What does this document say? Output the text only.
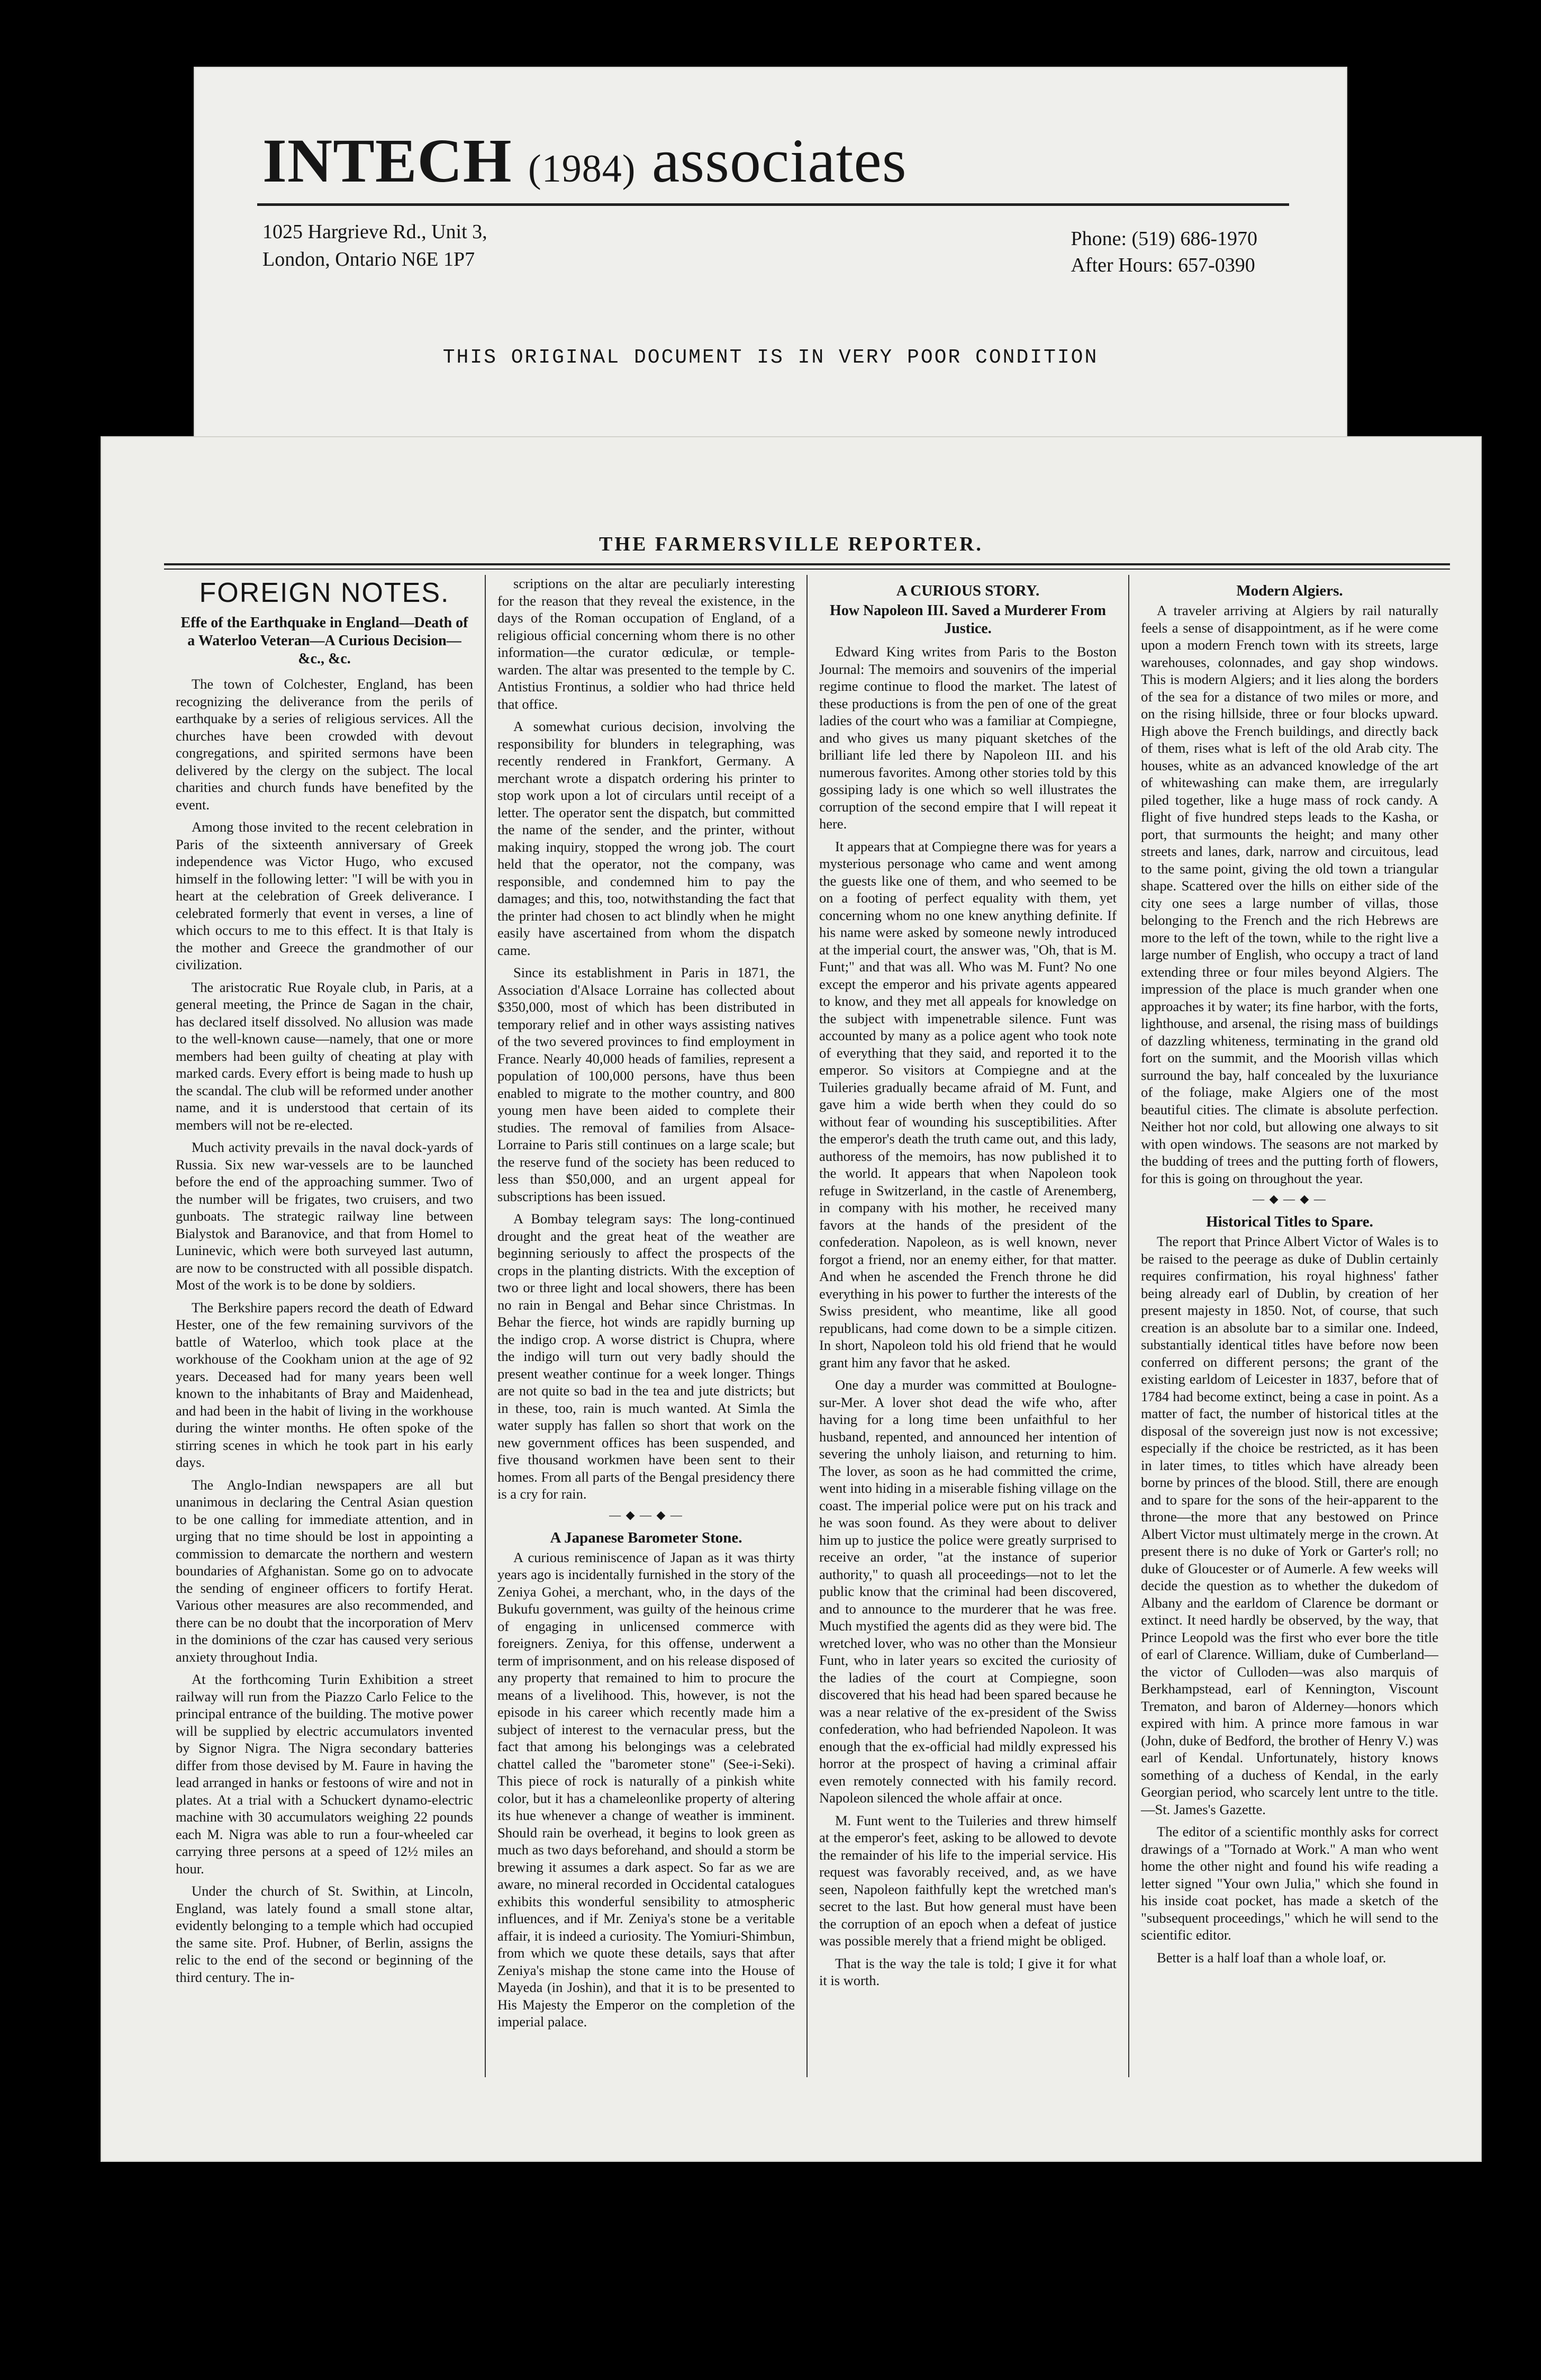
INTECH (1984) associates
1025 Hargrieve Rd., Unit 3,
London, Ontario N6E 1P7
Phone: (519) 686-1970
After Hours: 657-0390
THIS ORIGINAL DOCUMENT IS IN VERY POOR CONDITION
THE FARMERSVILLE REPORTER.
FOREIGN NOTES.
Effe of the Earthquake in England—Death of a Waterloo Veteran—A Curious Decision—&c., &c.

The town of Colchester, England, has been recognizing the deliverance from the perils of earthquake by a series of religious services. All the churches have been crowded with devout congregations, and spirited sermons have been delivered by the clergy on the subject. The local charities and church funds have benefited by the event.

Among those invited to the recent celebration in Paris of the sixteenth anniversary of Greek independence was Victor Hugo, who excused himself in the following letter: "I will be with you in heart at the celebration of Greek deliverance. I celebrated formerly that event in verses, a line of which occurs to me to this effect. It is that Italy is the mother and Greece the grandmother of our civilization.

The aristocratic Rue Royale club, in Paris, at a general meeting, the Prince de Sagan in the chair, has declared itself dissolved. No allusion was made to the well-known cause—namely, that one or more members had been guilty of cheating at play with marked cards. Every effort is being made to hush up the scandal. The club will be reformed under another name, and it is understood that certain of its members will not be re-elected.

Much activity prevails in the naval dock-yards of Russia. Six new war-vessels are to be launched before the end of the approaching summer. Two of the number will be frigates, two cruisers, and two gunboats. The strategic railway line between Bialystok and Baranovice, and that from Homel to Luninevic, which were both surveyed last autumn, are now to be constructed with all possible dispatch. Most of the work is to be done by soldiers.

The Berkshire papers record the death of Edward Hester, one of the few remaining survivors of the battle of Waterloo, which took place at the workhouse of the Cookham union at the age of 92 years. Deceased had for many years been well known to the inhabitants of Bray and Maidenhead, and had been in the habit of living in the workhouse during the winter months. He often spoke of the stirring scenes in which he took part in his early days.

The Anglo-Indian newspapers are all but unanimous in declaring the Central Asian question to be one calling for immediate attention, and in urging that no time should be lost in appointing a commission to demarcate the northern and western boundaries of Afghanistan. Some go on to advocate the sending of engineer officers to fortify Herat. Various other measures are also recommended, and there can be no doubt that the incorporation of Merv in the dominions of the czar has caused very serious anxiety throughout India.

At the forthcoming Turin Exhibition a street railway will run from the Piazzo Carlo Felice to the principal entrance of the building. The motive power will be supplied by electric accumulators invented by Signor Nigra. The Nigra secondary batteries differ from those devised by M. Faure in having the lead arranged in hanks or festoons of wire and not in plates. At a trial with a Schuckert dynamo-electric machine with 30 accumulators weighing 22 pounds each M. Nigra was able to run a four-wheeled car carrying three persons at a speed of 12½ miles an hour.

Under the church of St. Swithin, at Lincoln, England, was lately found a small stone altar, evidently belonging to a temple which had occupied the same site. Prof. Hubner, of Berlin, assigns the relic to the end of the second or beginning of the third century. The in-

scriptions on the altar are peculiarly interesting for the reason that they reveal the existence, in the days of the Roman occupation of England, of a religious official concerning whom there is no other information—the curator œdiculæ, or temple-warden. The altar was presented to the temple by C. Antistius Frontinus, a soldier who had thrice held that office.

A somewhat curious decision, involving the responsibility for blunders in telegraphing, was recently rendered in Frankfort, Germany. A merchant wrote a dispatch ordering his printer to stop work upon a lot of circulars until receipt of a letter. The operator sent the dispatch, but committed the name of the sender, and the printer, without making inquiry, stopped the wrong job. The court held that the operator, not the company, was responsible, and condemned him to pay the damages; and this, too, notwithstanding the fact that the printer had chosen to act blindly when he might easily have ascertained from whom the dispatch came.

Since its establishment in Paris in 1871, the Association d'Alsace Lorraine has collected about $350,000, most of which has been distributed in temporary relief and in other ways assisting natives of the two severed provinces to find employment in France. Nearly 40,000 heads of families, represent a population of 100,000 persons, have thus been enabled to migrate to the mother country, and 800 young men have been aided to complete their studies. The removal of families from Alsace-Lorraine to Paris still continues on a large scale; but the reserve fund of the society has been reduced to less than $50,000, and an urgent appeal for subscriptions has been issued.

A Bombay telegram says: The long-continued drought and the great heat of the weather are beginning seriously to affect the prospects of the crops in the planting districts. With the exception of two or three light and local showers, there has been no rain in Bengal and Behar since Christmas. In Behar the fierce, hot winds are rapidly burning up the indigo crop. A worse district is Chupra, where the indigo will turn out very badly should the present weather continue for a week longer. Things are not quite so bad in the tea and jute districts; but in these, too, rain is much wanted. At Simla the water supply has fallen so short that work on the new government offices has been suspended, and five thousand workmen have been sent to their homes. From all parts of the Bengal presidency there is a cry for rain.

— ◆ — ◆ —
A Japanese Barometer Stone.

A curious reminiscence of Japan as it was thirty years ago is incidentally furnished in the story of the Zeniya Gohei, a merchant, who, in the days of the Bukufu government, was guilty of the heinous crime of engaging in unlicensed commerce with foreigners. Zeniya, for this offense, underwent a term of imprisonment, and on his release disposed of any property that remained to him to procure the means of a livelihood. This, however, is not the episode in his career which recently made him a subject of interest to the vernacular press, but the fact that among his belongings was a celebrated chattel called the "barometer stone" (See-i-Seki). This piece of rock is naturally of a pinkish white color, but it has a chameleonlike property of altering its hue whenever a change of weather is imminent. Should rain be overhead, it begins to look green as much as two days beforehand, and should a storm be brewing it assumes a dark aspect. So far as we are aware, no mineral recorded in Occidental catalogues exhibits this wonderful sensibility to atmospheric influences, and if Mr. Zeniya's stone be a veritable affair, it is indeed a curiosity. The Yomiuri-Shimbun, from which we quote these details, says that after Zeniya's mishap the stone came into the House of Mayeda (in Joshin), and that it is to be presented to His Majesty the Emperor on the completion of the imperial palace.

A CURIOUS STORY.
How Napoleon III. Saved a Murderer From Justice.

Edward King writes from Paris to the Boston Journal: The memoirs and souvenirs of the imperial regime continue to flood the market. The latest of these productions is from the pen of one of the great ladies of the court who was a familiar at Compiegne, and who gives us many piquant sketches of the brilliant life led there by Napoleon III. and his numerous favorites. Among other stories told by this gossiping lady is one which so well illustrates the corruption of the second empire that I will repeat it here.

It appears that at Compiegne there was for years a mysterious personage who came and went among the guests like one of them, and who seemed to be on a footing of perfect equality with them, yet concerning whom no one knew anything definite. If his name were asked by someone newly introduced at the imperial court, the answer was, "Oh, that is M. Funt;" and that was all. Who was M. Funt? No one except the emperor and his private agents appeared to know, and they met all appeals for knowledge on the subject with impenetrable silence. Funt was accounted by many as a police agent who took note of everything that they said, and reported it to the emperor. So visitors at Compiegne and at the Tuileries gradually became afraid of M. Funt, and gave him a wide berth when they could do so without fear of wounding his susceptibilities. After the emperor's death the truth came out, and this lady, authoress of the memoirs, has now published it to the world. It appears that when Napoleon took refuge in Switzerland, in the castle of Arenemberg, in company with his mother, he received many favors at the hands of the president of the confederation. Napoleon, as is well known, never forgot a friend, nor an enemy either, for that matter. And when he ascended the French throne he did everything in his power to further the interests of the Swiss president, who meantime, like all good republicans, had come down to be a simple citizen. In short, Napoleon told his old friend that he would grant him any favor that he asked.

One day a murder was committed at Boulogne-sur-Mer. A lover shot dead the wife who, after having for a long time been unfaithful to her husband, repented, and announced her intention of severing the unholy liaison, and returning to him. The lover, as soon as he had committed the crime, went into hiding in a miserable fishing village on the coast. The imperial police were put on his track and he was soon found. As they were about to deliver him up to justice the police were greatly surprised to receive an order, "at the instance of superior authority," to quash all proceedings—not to let the public know that the criminal had been discovered, and to announce to the murderer that he was free. Much mystified the agents did as they were bid. The wretched lover, who was no other than the Monsieur Funt, who in later years so excited the curiosity of the ladies of the court at Compiegne, soon discovered that his head had been spared because he was a near relative of the ex-president of the Swiss confederation, who had befriended Napoleon. It was enough that the ex-official had mildly expressed his horror at the prospect of having a criminal affair even remotely connected with his family record. Napoleon silenced the whole affair at once.

M. Funt went to the Tuileries and threw himself at the emperor's feet, asking to be allowed to devote the remainder of his life to the imperial service. His request was favorably received, and, as we have seen, Napoleon faithfully kept the wretched man's secret to the last. But how general must have been the corruption of an epoch when a defeat of justice was possible merely that a friend might be obliged.

That is the way the tale is told; I give it for what it is worth.

Modern Algiers.

A traveler arriving at Algiers by rail naturally feels a sense of disappointment, as if he were come upon a modern French town with its streets, large warehouses, colonnades, and gay shop windows. This is modern Algiers; and it lies along the borders of the sea for a distance of two miles or more, and on the rising hillside, three or four blocks upward. High above the French buildings, and directly back of them, rises what is left of the old Arab city. The houses, white as an advanced knowledge of the art of whitewashing can make them, are irregularly piled together, like a huge mass of rock candy. A flight of five hundred steps leads to the Kasha, or port, that surmounts the height; and many other streets and lanes, dark, narrow and circuitous, lead to the same point, giving the old town a triangular shape. Scattered over the hills on either side of the city one sees a large number of villas, those belonging to the French and the rich Hebrews are more to the left of the town, while to the right live a large number of English, who occupy a tract of land extending three or four miles beyond Algiers. The impression of the place is much grander when one approaches it by water; its fine harbor, with the forts, lighthouse, and arsenal, the rising mass of buildings of dazzling whiteness, terminating in the grand old fort on the summit, and the Moorish villas which surround the bay, half concealed by the luxuriance of the foliage, make Algiers one of the most beautiful cities. The climate is absolute perfection. Neither hot nor cold, but allowing one always to sit with open windows. The seasons are not marked by the budding of trees and the putting forth of flowers, for this is going on throughout the year.

— ◆ — ◆ —
Historical Titles to Spare.

The report that Prince Albert Victor of Wales is to be raised to the peerage as duke of Dublin certainly requires confirmation, his royal highness' father being already earl of Dublin, by creation of her present majesty in 1850. Not, of course, that such creation is an absolute bar to a similar one. Indeed, substantially identical titles have before now been conferred on different persons; the grant of the existing earldom of Leicester in 1837, before that of 1784 had become extinct, being a case in point. As a matter of fact, the number of historical titles at the disposal of the sovereign just now is not excessive; especially if the choice be restricted, as it has been in later times, to titles which have already been borne by princes of the blood. Still, there are enough and to spare for the sons of the heir-apparent to the throne—the more that any bestowed on Prince Albert Victor must ultimately merge in the crown. At present there is no duke of York or Garter's roll; no duke of Gloucester or of Aumerle. A few weeks will decide the question as to whether the dukedom of Albany and the earldom of Clarence be dormant or extinct. It need hardly be observed, by the way, that Prince Leopold was the first who ever bore the title of earl of Clarence. William, duke of Cumberland—the victor of Culloden—was also marquis of Berkhampstead, earl of Kennington, Viscount Trematon, and baron of Alderney—honors which expired with him. A prince more famous in war (John, duke of Bedford, the brother of Henry V.) was earl of Kendal. Unfortunately, history knows something of a duchess of Kendal, in the early Georgian period, who scarcely lent untre to the title.—St. James's Gazette.

The editor of a scientific monthly asks for correct drawings of a "Tornado at Work." A man who went home the other night and found his wife reading a letter signed "Your own Julia," which she found in his inside coat pocket, has made a sketch of the "subsequent proceedings," which he will send to the scientific editor.

Better is a half loaf than a whole loaf, or.
